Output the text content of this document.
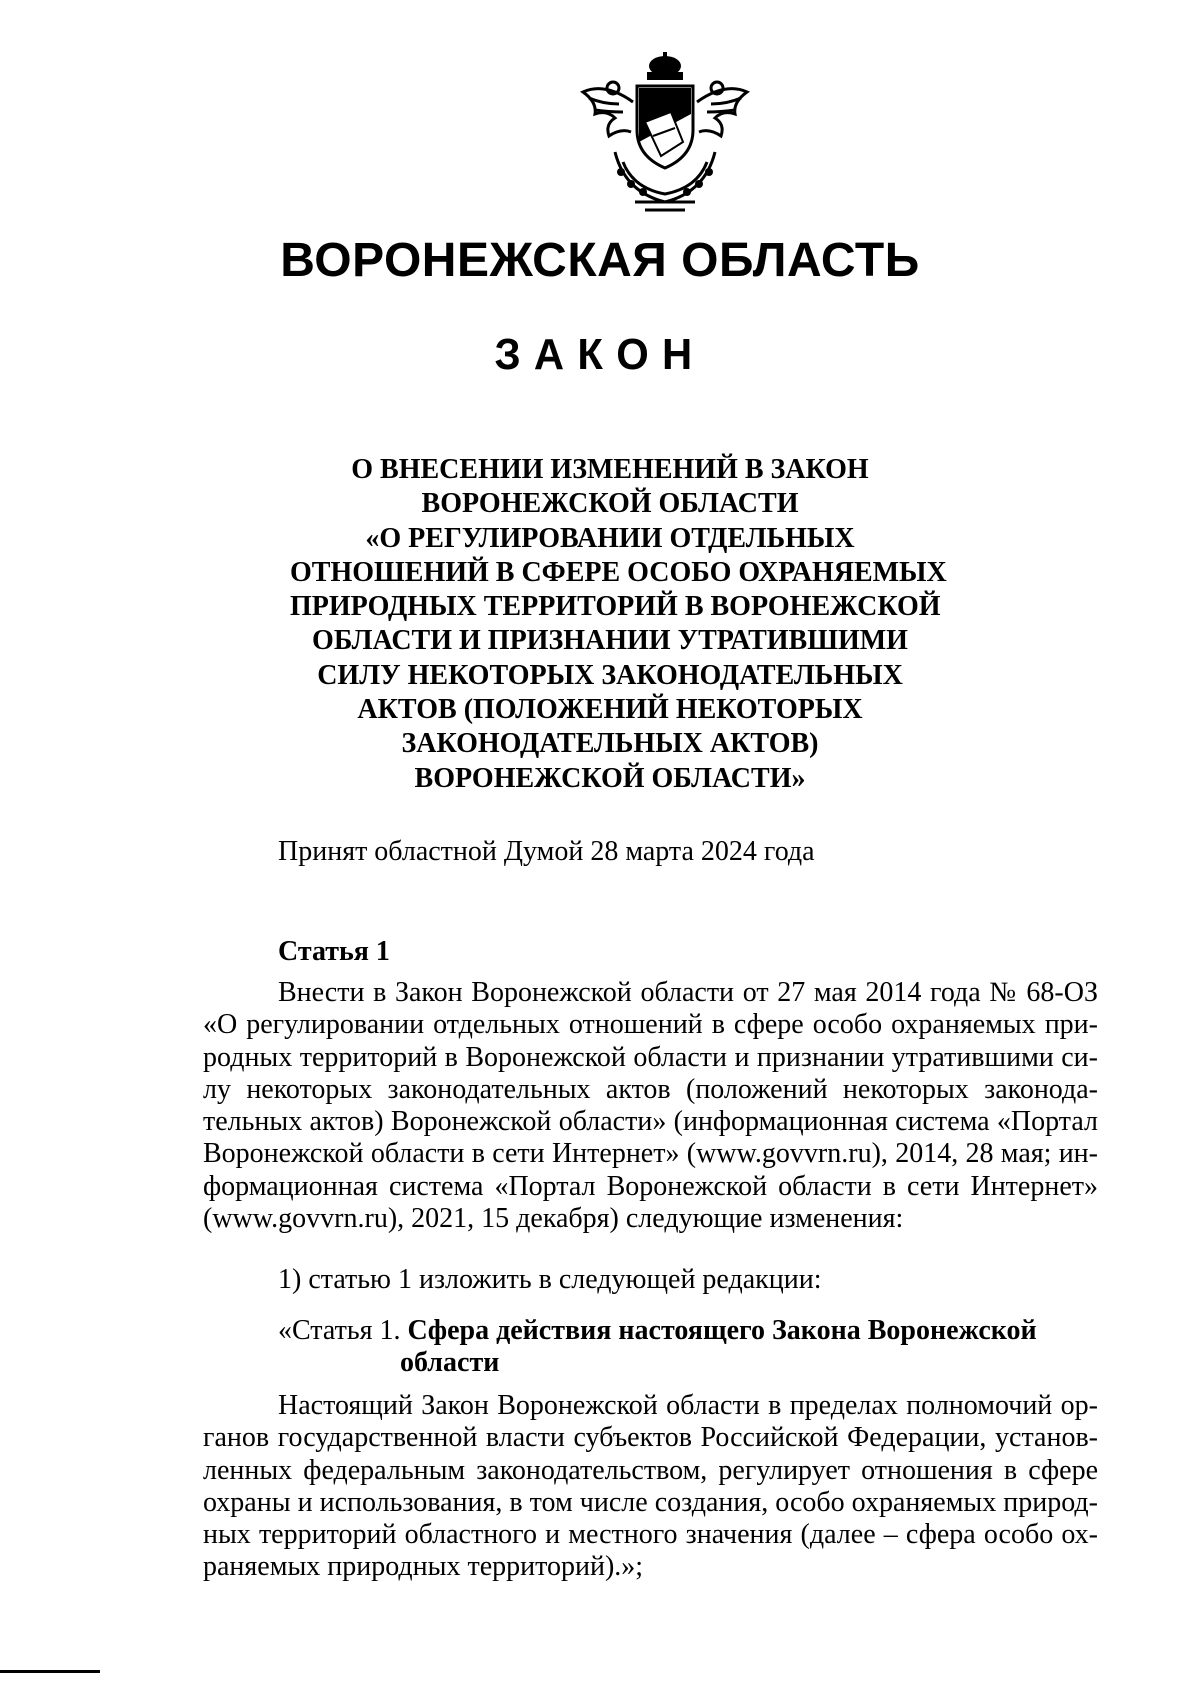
ВОРОНЕЖСКАЯ ОБЛАСТЬ
ЗАКОН
О ВНЕСЕНИИ ИЗМЕНЕНИЙ В ЗАКОН
ВОРОНЕЖСКОЙ ОБЛАСТИ
«О РЕГУЛИРОВАНИИ ОТДЕЛЬНЫХ
ОТНОШЕНИЙ В СФЕРЕ ОСОБО ОХРАНЯЕМЫХ
ПРИРОДНЫХ ТЕРРИТОРИЙ В ВОРОНЕЖСКОЙ
ОБЛАСТИ И ПРИЗНАНИИ УТРАТИВШИМИ
СИЛУ НЕКОТОРЫХ ЗАКОНОДАТЕЛЬНЫХ
АКТОВ (ПОЛОЖЕНИЙ НЕКОТОРЫХ
ЗАКОНОДАТЕЛЬНЫХ АКТОВ)
ВОРОНЕЖСКОЙ ОБЛАСТИ»
Принят областной Думой 28 марта 2024 года
Статья 1
Внести в Закон Воронежской области от 27 мая 2014 года № 68-ОЗ
«О регулировании отдельных отношений в сфере особо охраняемых при-
родных территорий в Воронежской области и признании утратившими си-
лу некоторых законодательных актов (положений некоторых законода-
тельных актов) Воронежской области» (информационная система «Портал
Воронежской области в сети Интернет» (www.govvrn.ru), 2014, 28 мая; ин-
формационная система «Портал Воронежской области в сети Интернет»
(www.govvrn.ru), 2021, 15 декабря) следующие изменения:
1) статью 1 изложить в следующей редакции:
«Статья 1. Сфера действия настоящего Закона Воронежской
области
Настоящий Закон Воронежской области в пределах полномочий ор-
ганов государственной власти субъектов Российской Федерации, установ-
ленных федеральным законодательством, регулирует отношения в сфере
охраны и использования, в том числе создания, особо охраняемых природ-
ных территорий областного и местного значения (далее – сфера особо ох-
раняемых природных территорий).»;
